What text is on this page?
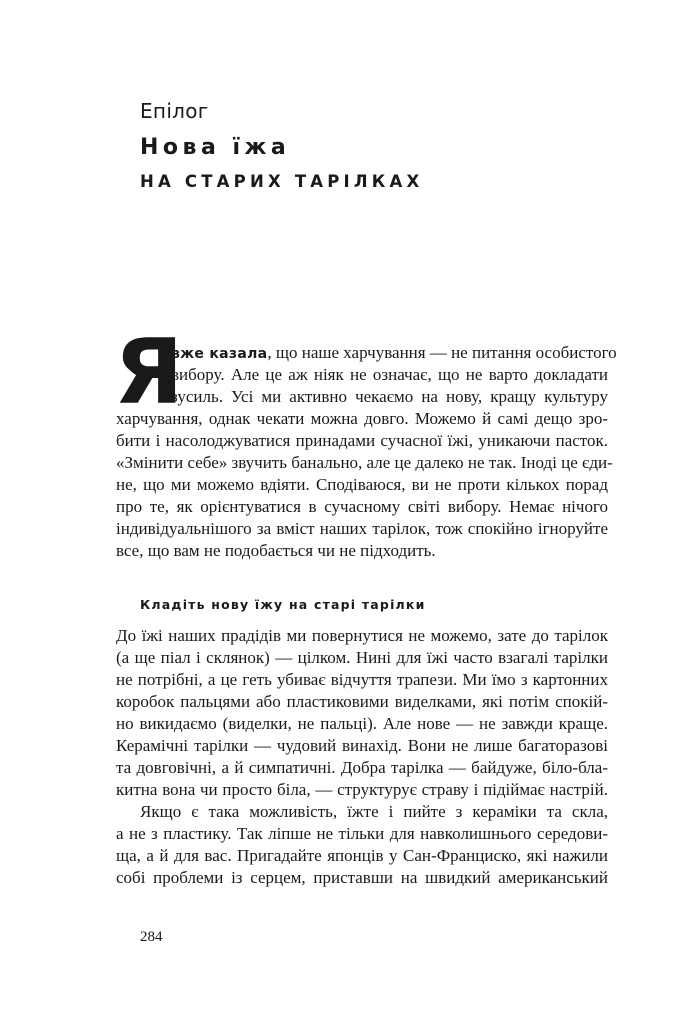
Епілог
Нова їжа
НА СТАРИХ ТАРІЛКАХ
Я
вже казала, що наше харчування — не питання особистого
вибору. Але це аж ніяк не означає, що не варто докладати
зусиль. Усі ми активно чекаємо на нову, кращу культуру
харчування, однак чекати можна довго. Можемо й самі дещо зро-
бити і насолоджуватися принадами сучасної їжі, уникаючи пасток.
«Змінити себе» звучить банально, але це далеко не так. Іноді це єди-
не, що ми можемо вдіяти. Сподіваюся, ви не проти кількох порад
про те, як орієнтуватися в сучасному світі вибору. Немає нічого
індивідуальнішого за вміст наших тарілок, тож спокійно ігноруйте
все, що вам не подобається чи не підходить.
Кладіть нову їжу на старі тарілки
До їжі наших прадідів ми повернутися не можемо, зате до тарілок
(а ще піал і склянок) — цілком. Нині для їжі часто взагалі тарілки
не потрібні, а це геть убиває відчуття трапези. Ми їмо з картонних
коробок пальцями або пластиковими виделками, які потім спокій-
но викидаємо (виделки, не пальці). Але нове — не завжди краще.
Керамічні тарілки — чудовий винахід. Вони не лише багаторазові
та довговічні, а й симпатичні. Добра тарілка — байдуже, біло-бла-
китна вона чи просто біла, — структурує страву і підіймає настрій.
Якщо є така можливість, їжте і пийте з кераміки та скла,
а не з пластику. Так ліпше не тільки для навколишнього середови-
ща, а й для вас. Пригадайте японців у Сан-Франциско, які нажили
собі проблеми із серцем, приставши на швидкий американський
284
